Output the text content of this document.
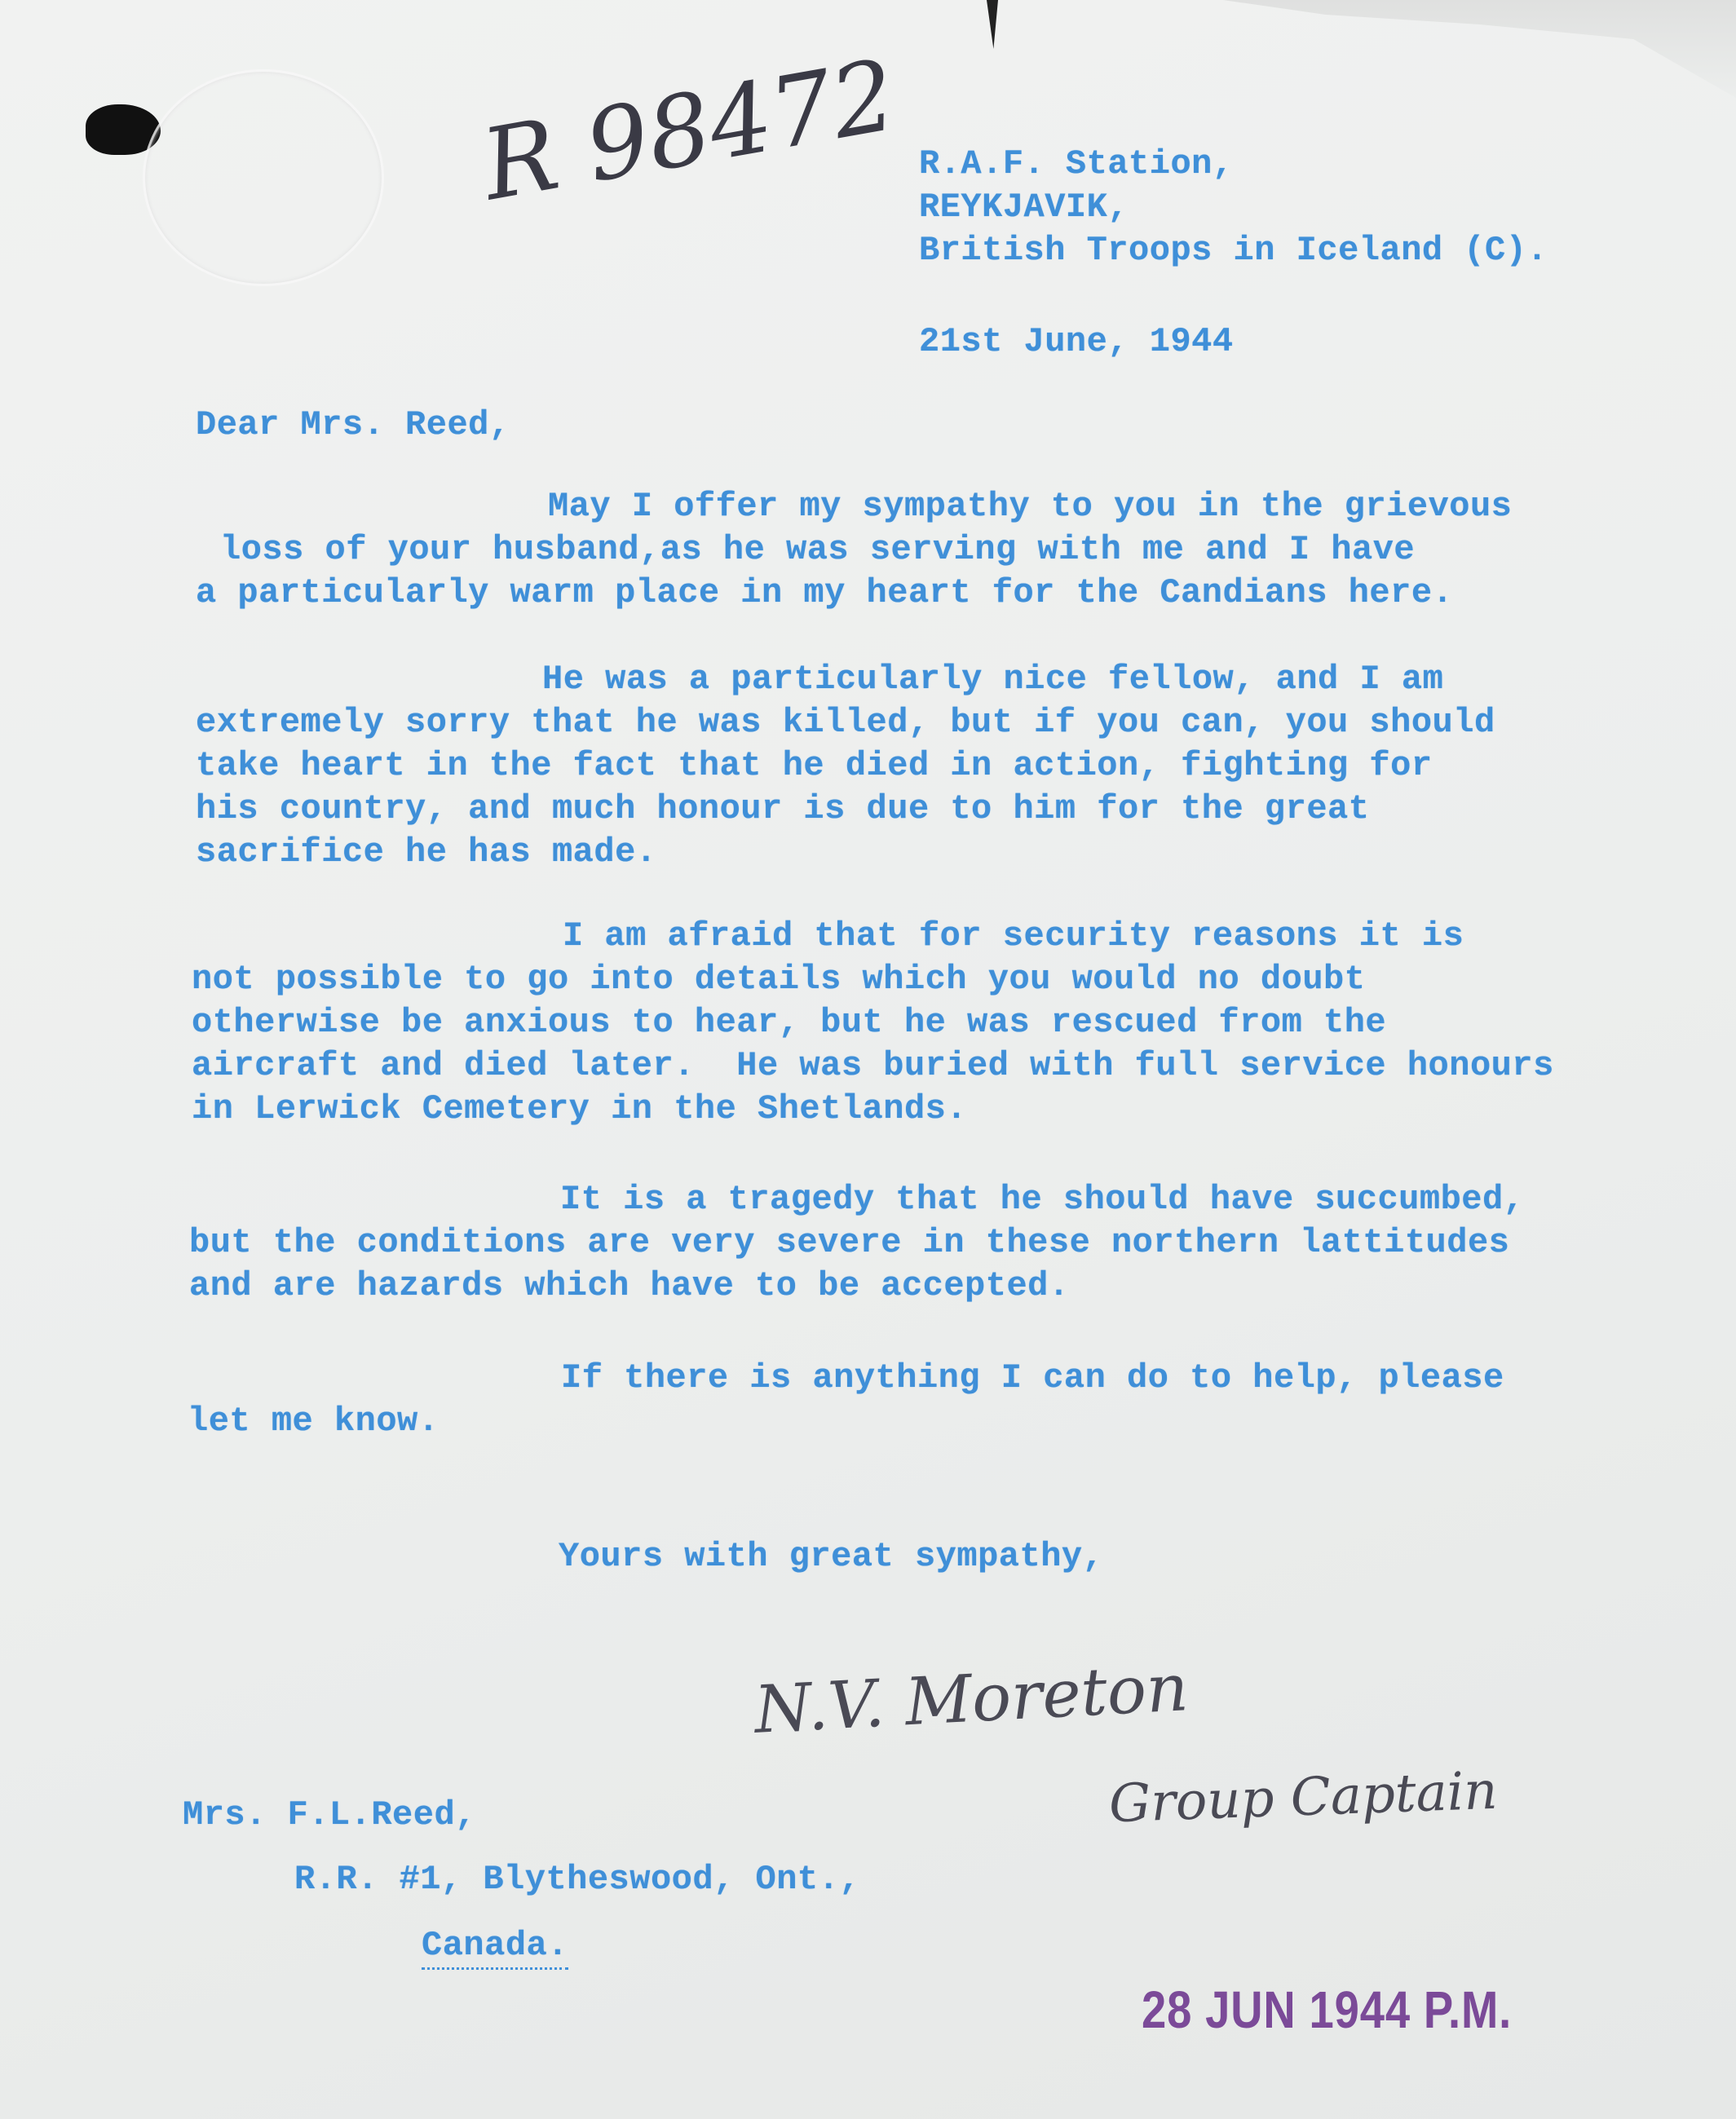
R 98472 R.A.F. Station,
REYKJAVIK,
British Troops in Iceland (C).
21st June, 1944
Dear Mrs. Reed,
May I offer my sympathy to you in the grievous
loss of your husband,as he was serving with me and I have
a particularly warm place in my heart for the Candians here.
He was a particularly nice fellow, and I am
extremely sorry that he was killed, but if you can, you should
take heart in the fact that he died in action, fighting for
his country, and much honour is due to him for the great
sacrifice he has made.
I am afraid that for security reasons it is
not possible to go into details which you would no doubt
otherwise be anxious to hear, but he was rescued from the
aircraft and died later.  He was buried with full service honours
in Lerwick Cemetery in the Shetlands.
It is a tragedy that he should have succumbed,
but the conditions are very severe in these northern lattitudes
and are hazards which have to be accepted.
If there is anything I can do to help, please
let me know.
Yours with great sympathy,
N.V. Moreton
Group Captain
Mrs. F.L.Reed,
R.R. #1, Blytheswood, Ont.,
Canada.
28 JUN 1944 P.M.
